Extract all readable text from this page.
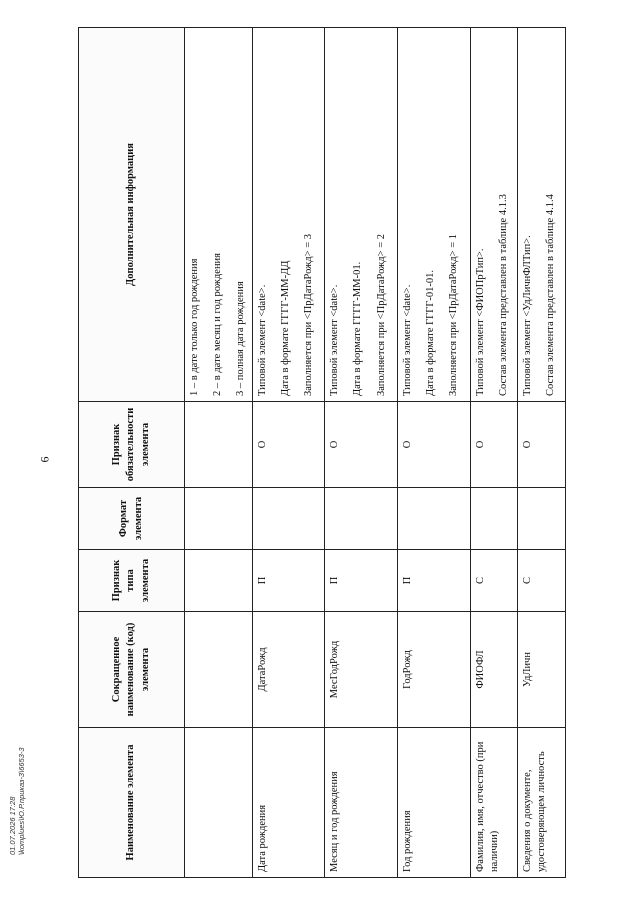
6
01.07.2026 17:28 \komplues\Ю.Р.приказ-3\6653-3	Наименование элемента	Сокращенное наименование (код) элемента	Признак типа элемента	Формат элемента	Признак обязательности элемента	Дополнительная информация

					1 – в дате только год рождения 2 – в дате месяц и год рождения 3 – полная дата рождения

Дата рождения	ДатаРожд	П		О	Типовой элемент <date>. Дата в формате ГГГГ-ММ-ДД Заполняется при <ПрДатаРожд> = 3

Месяц и год рождения	МесГодРожд	П		О	Типовой элемент <date>. Дата в формате ГГГГ-ММ-01. Заполняется при <ПрДатаРожд> = 2

Год рождения	ГодРожд	П		О	Типовой элемент <date>. Дата в формате ГГГГ-01-01. Заполняется при <ПрДатаРожд> = 1

Фамилия, имя, отчество (при наличии)	ФИОФЛ	С		О	Типовой элемент <ФИОПрТип>. Состав элемента представлен в таблице 4.1.3

Сведения о документе, удостоверяющем личность	УдЛичн	С		О	Типовой элемент <УдЛичнФЛТип>. Состав элемента представлен в таблице 4.1.4
